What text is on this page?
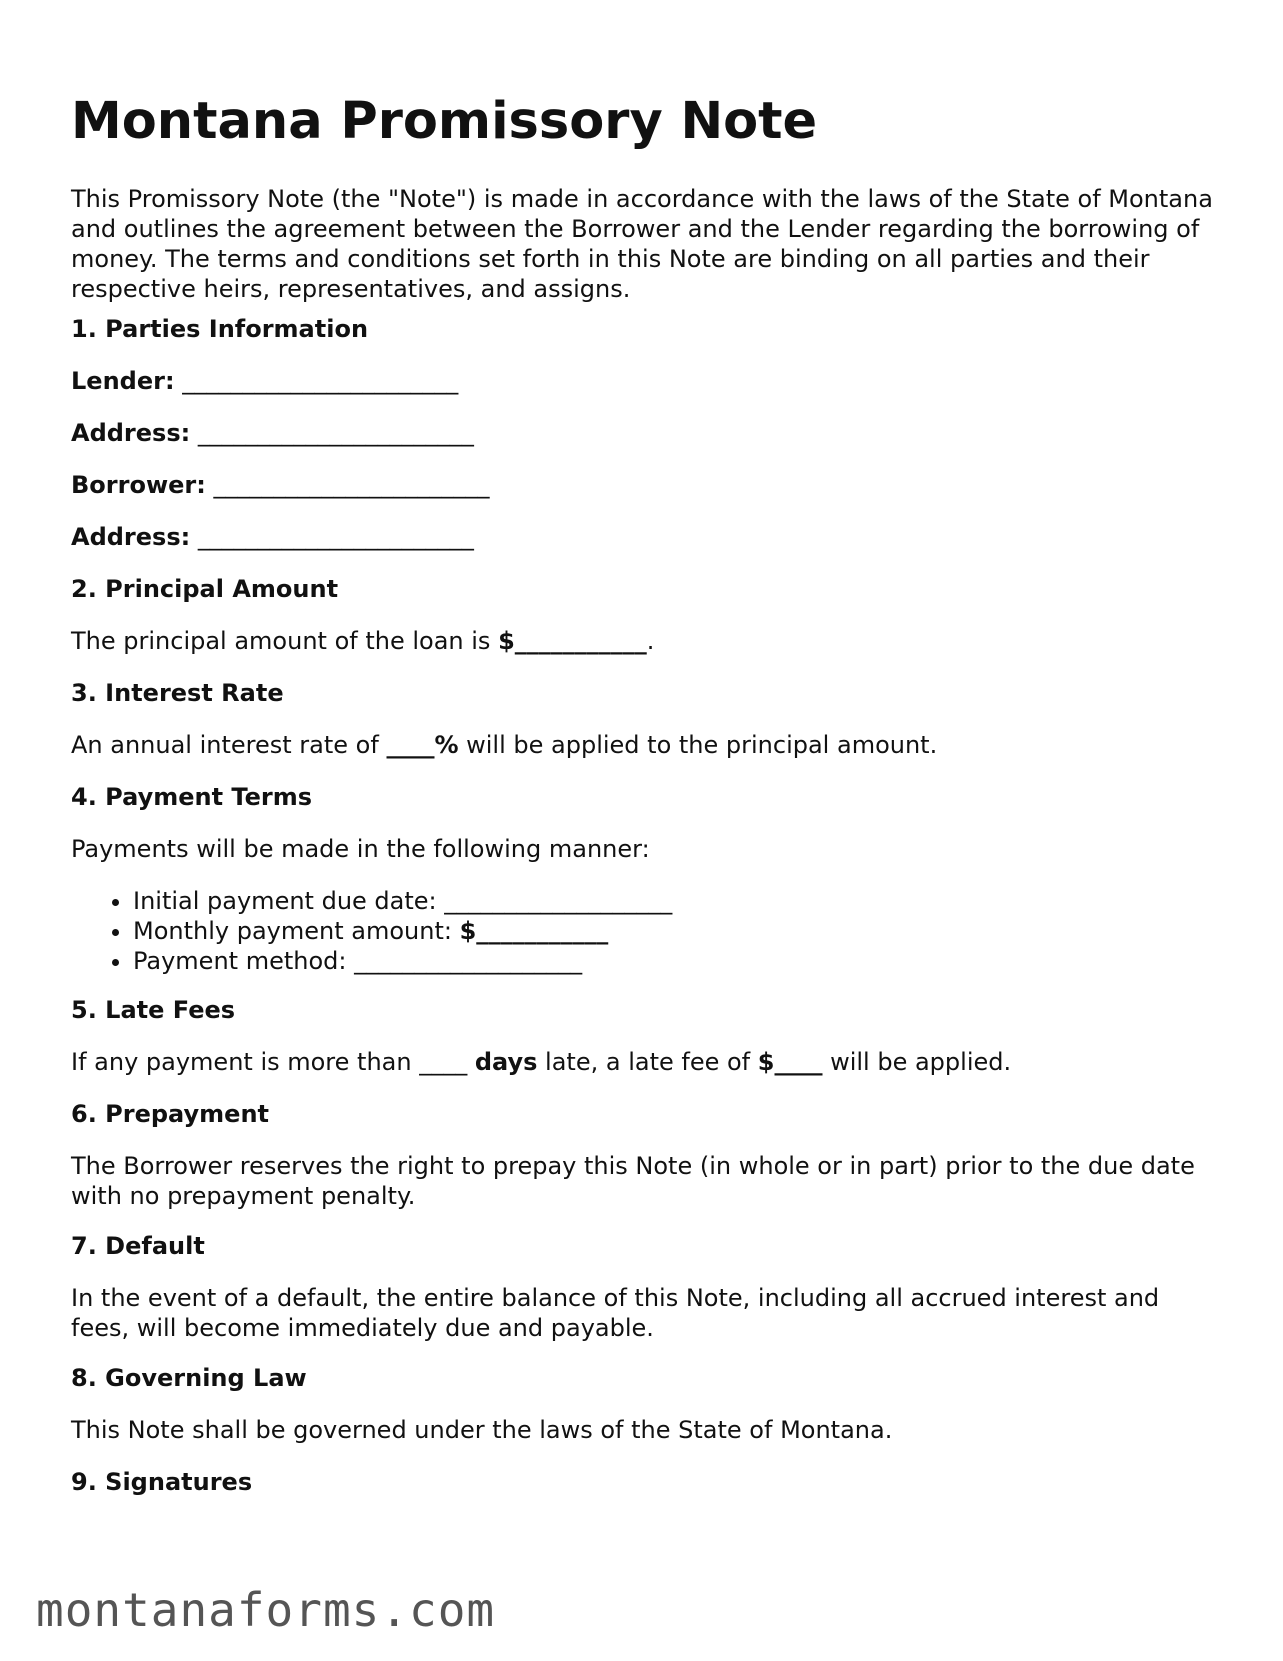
Montana Promissory Note

This Promissory Note (the "Note") is made in accordance with the laws of the State of Montana and outlines the agreement between the Borrower and the Lender regarding the borrowing of money. The terms and conditions set forth in this Note are binding on all parties and their respective heirs, representatives, and assigns.

1. Parties Information
Lender: _______________________
Address: _______________________
Borrower: _______________________
Address: _______________________
2. Principal Amount
The principal amount of the loan is $___________.
3. Interest Rate
An annual interest rate of ____% will be applied to the principal amount.
4. Payment Terms
Payments will be made in the following manner:
• Initial payment due date: ___________________
• Monthly payment amount: $___________
• Payment method: ___________________
5. Late Fees
If any payment is more than ____ days late, a late fee of $____ will be applied.
6. Prepayment
The Borrower reserves the right to prepay this Note (in whole or in part) prior to the due date with no prepayment penalty.
7. Default
In the event of a default, the entire balance of this Note, including all accrued interest and fees, will become immediately due and payable.
8. Governing Law
This Note shall be governed under the laws of the State of Montana.
9. Signatures
montanaforms.com
